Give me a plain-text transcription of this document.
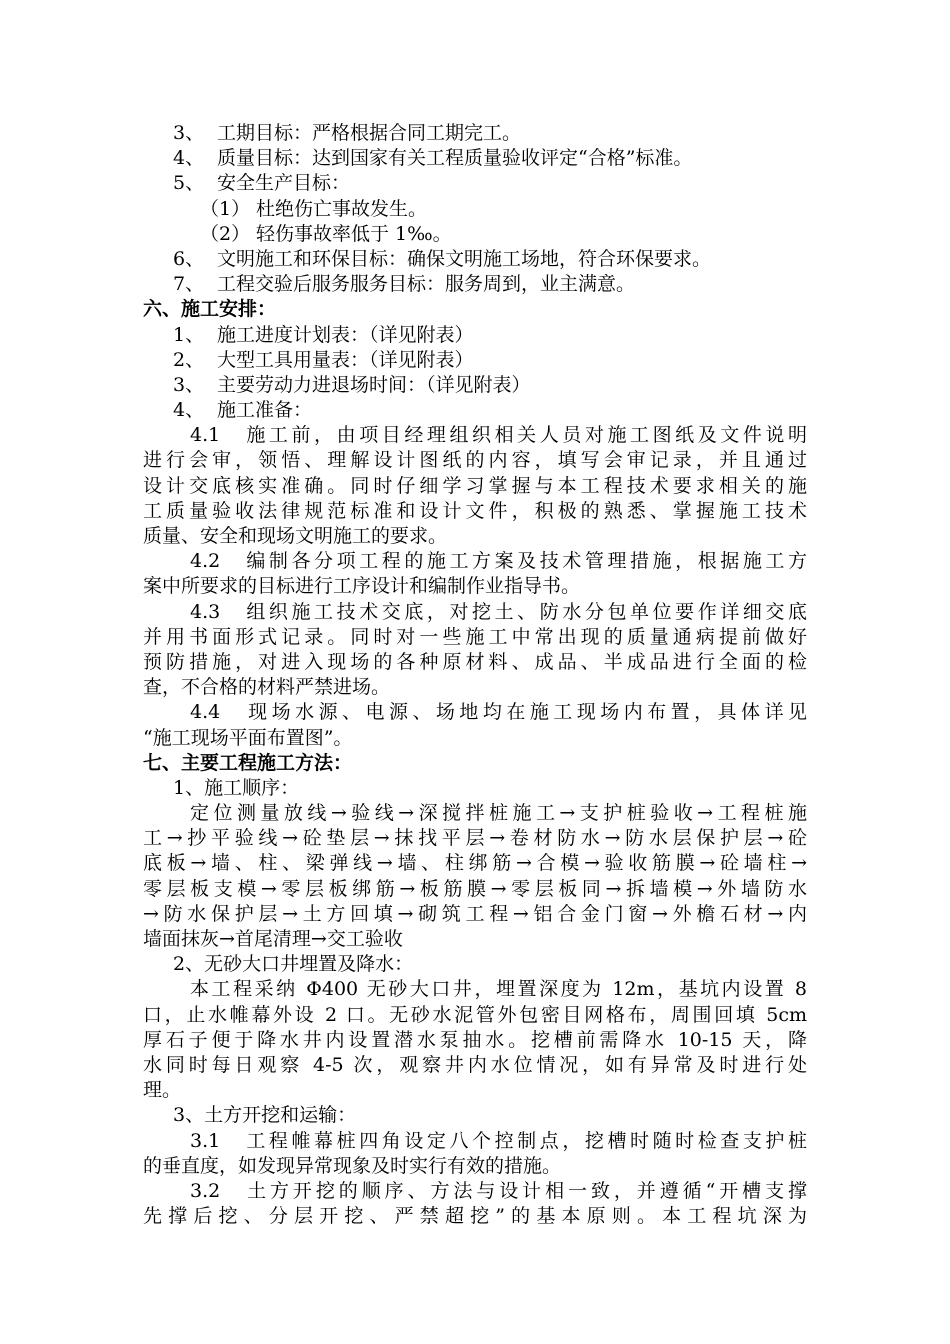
3、 工期目标：严格根据合同工期完工。
4、 质量目标：达到国家有关工程质量验收评定“合格”标准。
5、 安全生产目标：
（1） 杜绝伤亡事故发生。
（2） 轻伤事故率低于 1‰。
6、 文明施工和环保目标：确保文明施工场地，符合环保要求。
7、 工程交验后服务服务目标：服务周到，业主满意。
六、施工安排：
1、 施工进度计划表：（详见附表）
2、 大型工具用量表：（详见附表）
3、 主要劳动力进退场时间：（详见附表）
4、 施工准备：
4.1　施工前，由项目经理组织相关人员对施工图纸及文件说明
进行会审，领悟、理解设计图纸的内容，填写会审记录，并且通过
设计交底核实准确。同时仔细学习掌握与本工程技术要求相关的施
工质量验收法律规范标准和设计文件，积极的熟悉、掌握施工技术
质量、安全和现场文明施工的要求。
4.2　编制各分项工程的施工方案及技术管理措施，根据施工方
案中所要求的目标进行工序设计和编制作业指导书。
4.3　组织施工技术交底，对挖土、防水分包单位要作详细交底
并用书面形式记录。同时对一些施工中常出现的质量通病提前做好
预防措施，对进入现场的各种原材料、成品、半成品进行全面的检
查，不合格的材料严禁进场。
4.4　现场水源、电源、场地均在施工现场内布置，具体详见
“施工现场平面布置图”。
七、主要工程施工方法：
1、施工顺序：
定位测量放线→验线→深搅拌桩施工→支护桩验收→工程桩施
工→抄平验线→砼垫层→抹找平层→卷材防水→防水层保护层→砼
底板→墙、柱、梁弹线→墙、柱绑筋→合模→验收筋膜→砼墙柱→
零层板支模→零层板绑筋→板筋膜→零层板同→拆墙模→外墙防水
→防水保护层→土方回填→砌筑工程→铝合金门窗→外檐石材→内
墙面抹灰→首尾清理→交工验收
2、无砂大口井埋置及降水：
本工程采纳 Φ400 无砂大口井，埋置深度为 12m，基坑内设置 8
口，止水帷幕外设 2 口。无砂水泥管外包密目网格布，周围回填 5cm
厚石子便于降水井内设置潜水泵抽水。挖槽前需降水 10-15 天，降
水同时每日观察 4-5 次，观察井内水位情况，如有异常及时进行处
理。
3、土方开挖和运输：
3.1　工程帷幕桩四角设定八个控制点，挖槽时随时检查支护桩
的垂直度，如发现异常现象及时实行有效的措施。
3.2　土方开挖的顺序、方法与设计相一致，并遵循“开槽支撑
先撑后挖、分层开挖、严禁超挖”的基本原则。本工程坑深为
